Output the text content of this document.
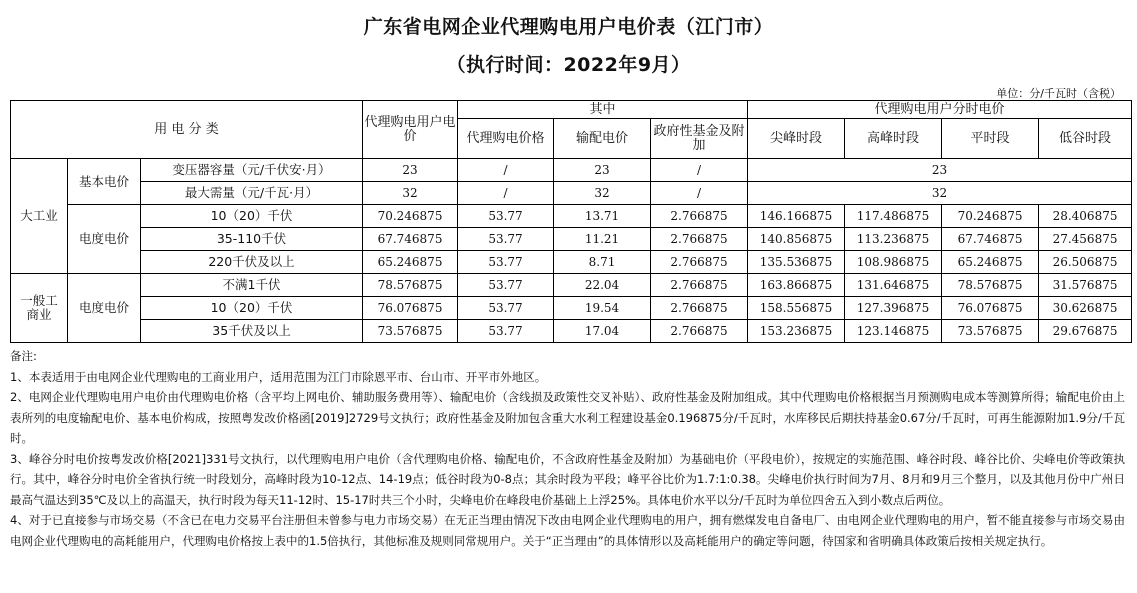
广东省电网企业代理购电用户电价表（江门市）
（执行时间：2022年9月）
单位：分/千瓦时（含税）
用 电 分 类			代理购电用户电价	其中			代理购电用户分时电价			
				代理购电价格	输配电价	政府性基金及附加	尖峰时段	高峰时段	平时段	低谷时段
大工业	基本电价	变压器容量（元/千伏安·月）	23	/	23	/	23			
		最大需量（元/千瓦·月）	32	/	32	/	32			
	电度电价	10（20）千伏	70.246875	53.77	13.71	2.766875	146.166875	117.486875	70.246875	28.406875
		35-110千伏	67.746875	53.77	11.21	2.766875	140.856875	113.236875	67.746875	27.456875
		220千伏及以上	65.246875	53.77	8.71	2.766875	135.536875	108.986875	65.246875	26.506875
一般工
商业	电度电价	不满1千伏	78.576875	53.77	22.04	2.766875	163.866875	131.646875	78.576875	31.576875
		10（20）千伏	76.076875	53.77	19.54	2.766875	158.556875	127.396875	76.076875	30.626875
		35千伏及以上	73.576875	53.77	17.04	2.766875	153.236875	123.146875	73.576875	29.676875

备注:

1、本表适用于由电网企业代理购电的工商业用户，适用范围为江门市除恩平市、台山市、开平市外地区。

2、电网企业代理购电用户电价由代理购电价格（含平均上网电价、辅助服务费用等）、输配电价（含线损及政策性交叉补贴）、政府性基金及附加组成。其中代理购电价格根据当月预测购电成本等测算所得；输配电价由上表所列的电度输配电价、基本电价构成，按照粤发改价格函[2019]2729号文执行；政府性基金及附加包含重大水利工程建设基金0.196875分/千瓦时，水库移民后期扶持基金0.67分/千瓦时，可再生能源附加1.9分/千瓦时。

3、峰谷分时电价按粤发改价格[2021]331号文执行，以代理购电用户电价（含代理购电价格、输配电价，不含政府性基金及附加）为基础电价（平段电价），按规定的实施范围、峰谷时段、峰谷比价、尖峰电价等政策执行。其中，峰谷分时电价全省执行统一时段划分，高峰时段为10-12点、14-19点；低谷时段为0-8点；其余时段为平段；峰平谷比价为1.7:1:0.38。尖峰电价执行时间为7月、8月和9月三个整月，以及其他月份中广州日最高气温达到35℃及以上的高温天，执行时段为每天11-12时、15-17时共三个小时，尖峰电价在峰段电价基础上上浮25%。具体电价水平以分/千瓦时为单位四舍五入到小数点后两位。

4、对于已直接参与市场交易（不含已在电力交易平台注册但未曾参与电力市场交易）在无正当理由情况下改由电网企业代理购电的用户，拥有燃煤发电自备电厂、由电网企业代理购电的用户，暂不能直接参与市场交易由电网企业代理购电的高耗能用户，代理购电价格按上表中的1.5倍执行，其他标准及规则同常规用户。关于“正当理由”的具体情形以及高耗能用户的确定等问题，待国家和省明确具体政策后按相关规定执行。
